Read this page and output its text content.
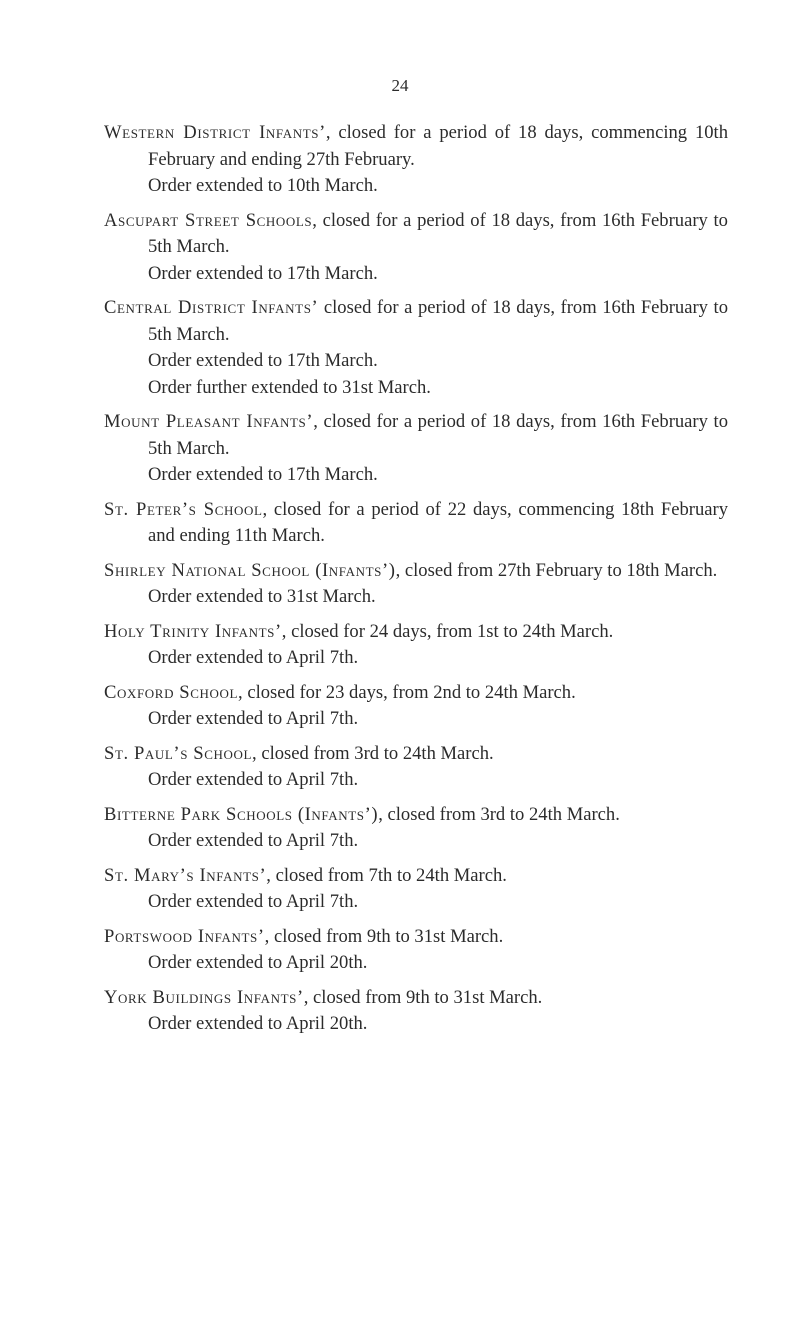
24

Western District Infants’, closed for a period of 18 days, commencing 10th February and ending 27th February.

Order extended to 10th March.

Ascupart Street Schools, closed for a period of 18 days, from 16th February to 5th March.

Order extended to 17th March.

Central District Infants’ closed for a period of 18 days, from 16th February to 5th March.

Order extended to 17th March.

Order further extended to 31st March.

Mount Pleasant Infants’, closed for a period of 18 days, from 16th February to 5th March.

Order extended to 17th March.

St. Peter’s School, closed for a period of 22 days, commencing 18th February and ending 11th March.

Shirley National School (Infants’), closed from 27th February to 18th March.

Order extended to 31st March.

Holy Trinity Infants’, closed for 24 days, from 1st to 24th March.

Order extended to April 7th.

Coxford School, closed for 23 days, from 2nd to 24th March.

Order extended to April 7th.

St. Paul’s School, closed from 3rd to 24th March.

Order extended to April 7th.

Bitterne Park Schools (Infants’), closed from 3rd to 24th March.

Order extended to April 7th.

St. Mary’s Infants’, closed from 7th to 24th March.

Order extended to April 7th.

Portswood Infants’, closed from 9th to 31st March.

Order extended to April 20th.

York Buildings Infants’, closed from 9th to 31st March.

Order extended to April 20th.
